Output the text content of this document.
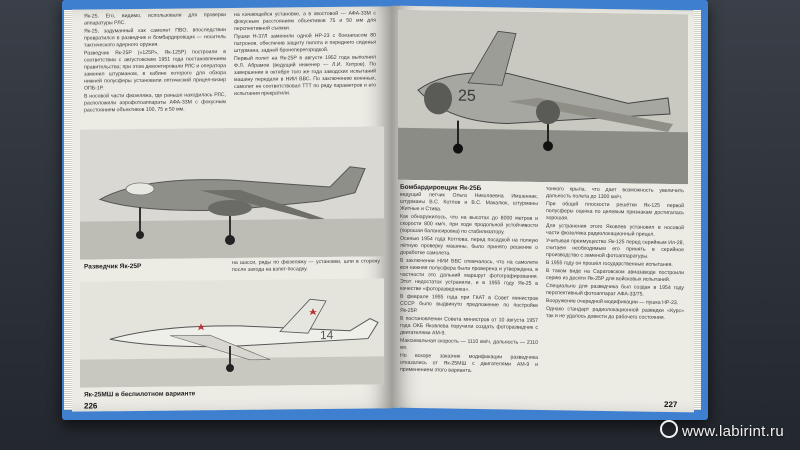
Як-25. Его, видимо, использовали для проверки аппаратуры РЛС.

Як-25, задуманный как самолет ПВО, впоследствии превратился в разведчик и бомбардировщик — носитель тактического ядерного оружия.

Разведчик Як-25Р («125Р», Як-125Р) построили в соответствии с августовским 1951 года постановлением правительства; при этом демонтировали РЛС и оператора заменил штурманом, в кабине которого для обзора нижней полусферы установили оптический прицел-визир ОПБ-1Р.

В носовой части фюзеляжа, где раньше находилась РЛС, расположили аэрофотоаппараты АФА-33М с фокусным расстоянием объективов 100, 75 и 50 мм.

на качающейся установке, а в хвостовой — АФА-33М с фокусным расстоянием объективов 75 и 50 мм для перспективной съемки.

Пушки Н-37Л заменили одной НР-23 с боезапасом 80 патронов, обеспечив защиту пилота и переднего сиденья штурмана, задней бронеперегородкой.

Первый полет на Як-25Р в августе 1952 года выполнил Ф.Л. Абрамов (ведущий инженер — Л.И. Хитров). По завершении в октябре того же года заводских испытаний машину передали в НИИ ВВС. По заключению военных, самолет не соответствовал ТТТ по ряду параметров и его испытания прекратили.

Разведчик Як-25Р

на шасси, ряды по фюзеляжу — установки, шли в сторону после захода на взлет-посадку.

14
Як-25МШ в беспилотном варианте
226
25
Бомбардировщик Як-25Б

ведущий летчик Ольга Николаевна Имшенник, штурманы В.С. Котлов и В.С. Макалюк, штурманы Житные и Стива.

Как обнаружилось, что на высотах до 8000 метров и скорости 800 км/ч, при ходе продольной устойчивости (хорошая балансировка) по стабилизатору.

Осенью 1954 года Котлова, перед посадкой на полную лётную проверку машины, было принято решение о доработке самолета.

В заключении НИИ ВВС отмечалось, что на самолете вся нижняя полусфера была проверена и утверждена, в частности это дальний маршрут фотографирования. Этот недостаток устранили, и в 1955 году Як-25 в качестве «фоторазведчика».

В феврале 1955 года при ГКАТ в Совет министров СССР было выдвинуто предложение по постройке Як-25Р.

В постановлении Совета министров от 10 августа 1957 года ОКБ Яковлева поручили создать фоторазведчик с двигателями АМ-9.

Максимальная скорость — 1110 км/ч, дальность — 2110 км.

Но вскоре заказчик модификации разведчика отказались от Як-25МШ с двигателями АМ-9 и применением этого варианта.

тонкого крыла, что дает возможность увеличить дальность полета до 1300 км/ч.

При общей плоскости решётки Як-125 первой полусферы оценка по целевым признакам достигалась хорошая.

Для устранения этого Яковлев установил в носовой части фюзеляжа радиолокационный прицел.

Учитывая преимущество Як-125 перед серийным Ил-28, считаем необходимым его принять в серийное производство с заменой фотоаппаратуры.

В 1955 году он прошёл государственные испытания.

В таком виде на Саратовском авиазаводе построили серию из десяти Як-25Р для войсковых испытаний.

Специально для разведчика был создан в 1954 году перспективный фотоаппарат АФА-33/75.

Вооружение очередной модификации — пушка НР-23.

Однако стандарт радиолокационной разведки «Курс» так и не удалось довести до рабочего состояния.

227
www.labirint.ru
